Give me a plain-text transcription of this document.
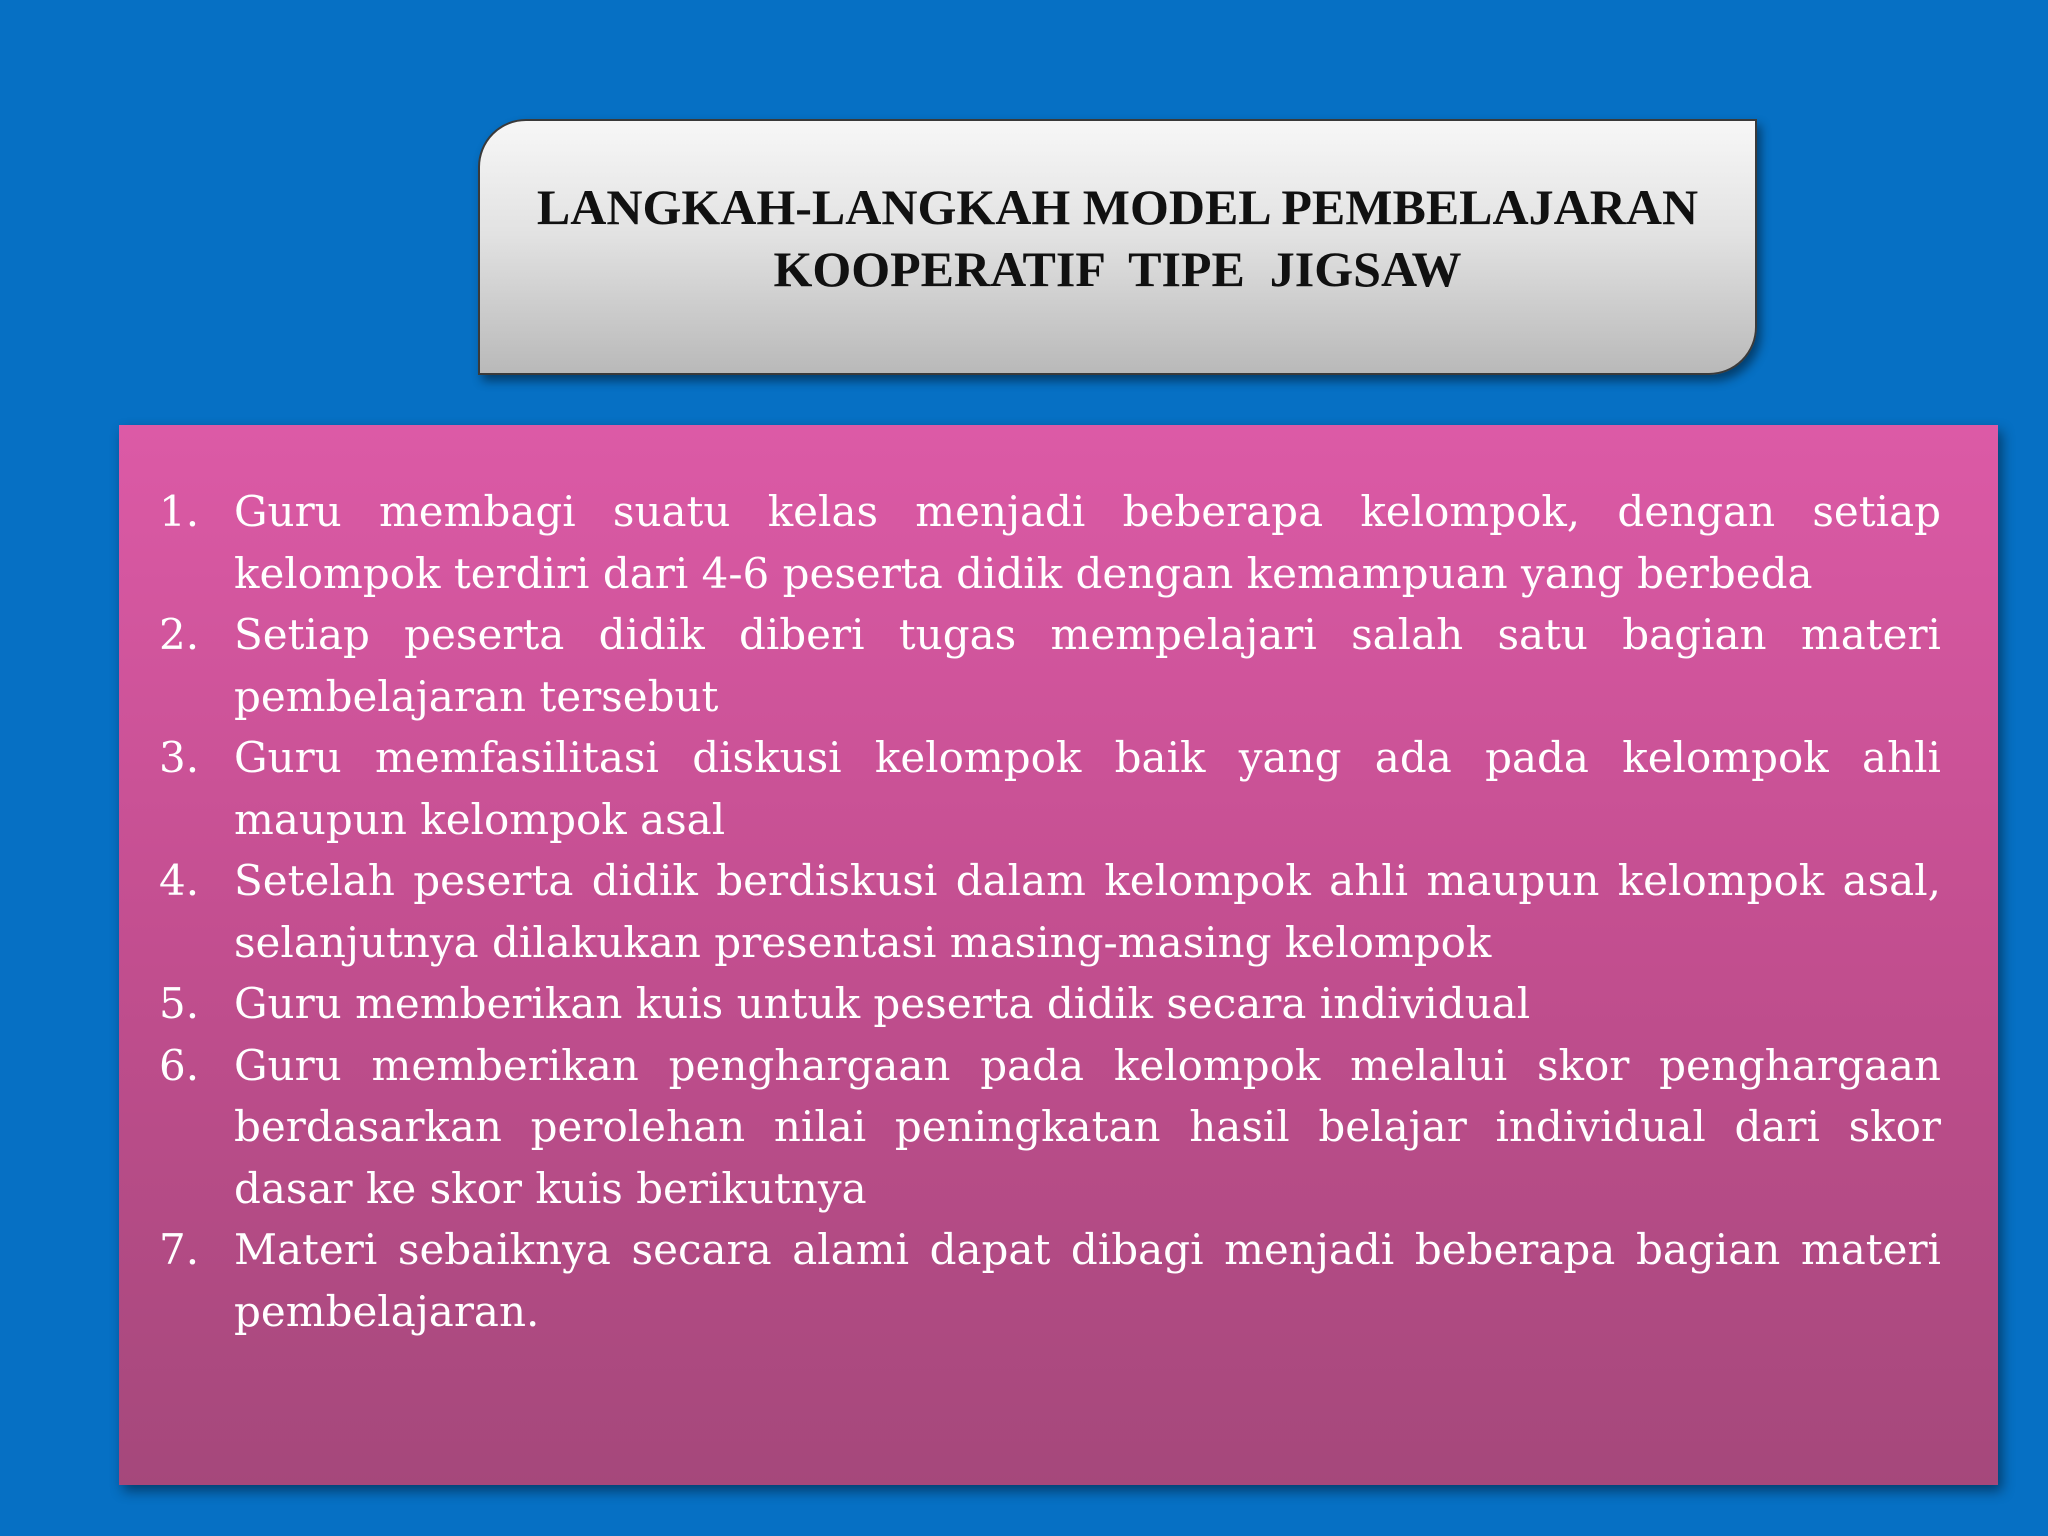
LANGKAH-LANGKAH MODEL PEMBELAJARAN
KOOPERATIF  TIPE  JIGSAW
1. Guru membagi suatu kelas menjadi beberapa kelompok, dengan setiap kelompok terdiri dari 4-6 peserta didik dengan kemampuan yang berbeda
2. Setiap peserta didik diberi tugas mempelajari salah satu bagian materi pembelajaran tersebut
3. Guru memfasilitasi diskusi kelompok baik yang ada pada kelompok ahli maupun kelompok asal
4. Setelah peserta didik berdiskusi dalam kelompok ahli maupun kelompok asal, selanjutnya dilakukan presentasi masing-masing kelompok
5. Guru memberikan kuis untuk peserta didik secara individual
6. Guru memberikan penghargaan pada kelompok melalui skor penghargaan berdasarkan perolehan nilai peningkatan hasil belajar individual dari skor dasar ke skor kuis berikutnya
7. Materi sebaiknya secara alami dapat dibagi menjadi beberapa bagian materi pembelajaran.
